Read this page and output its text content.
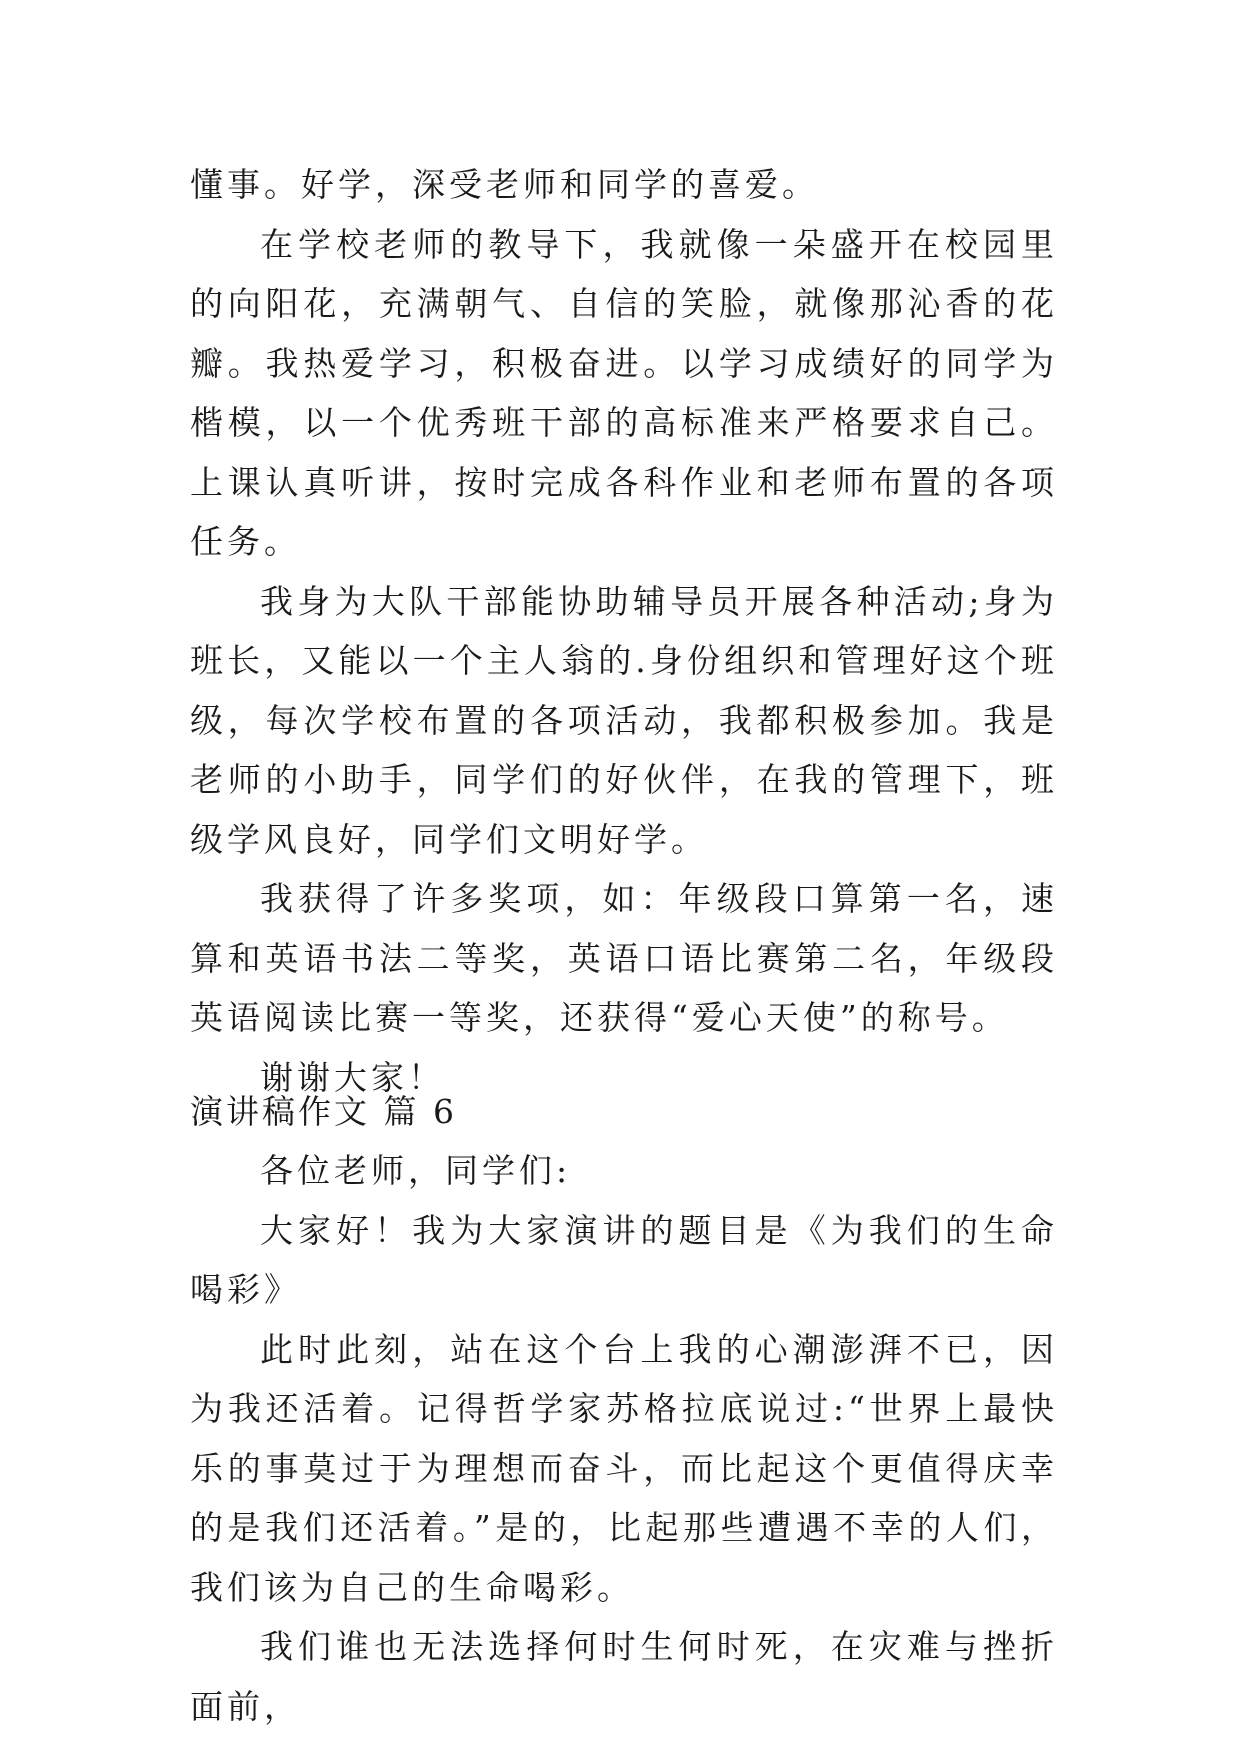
懂事。好学，深受老师和同学的喜爱。

在学校老师的教导下，我就像一朵盛开在校园里的向阳花，充满朝气、自信的笑脸，就像那沁香的花瓣。我热爱学习，积极奋进。以学习成绩好的同学为楷模，以一个优秀班干部的高标准来严格要求自己。上课认真听讲，按时完成各科作业和老师布置的各项任务。

我身为大队干部能协助辅导员开展各种活动;身为班长，又能以一个主人翁的.身份组织和管理好这个班级，每次学校布置的各项活动，我都积极参加。我是老师的小助手，同学们的好伙伴，在我的管理下，班级学风良好，同学们文明好学。

我获得了许多奖项，如：年级段口算第一名，速算和英语书法二等奖，英语口语比赛第二名，年级段英语阅读比赛一等奖，还获得“爱心天使”的称号。

谢谢大家！

演讲稿作文 篇 6

各位老师，同学们:

大家好！我为大家演讲的题目是《为我们的生命喝彩》

此时此刻，站在这个台上我的心潮澎湃不已，因为我还活着。记得哲学家苏格拉底说过:“世界上最快乐的事莫过于为理想而奋斗，而比起这个更值得庆幸的是我们还活着。”是的，比起那些遭遇不幸的人们，我们该为自己的生命喝彩。

我们谁也无法选择何时生何时死，在灾难与挫折面前，
